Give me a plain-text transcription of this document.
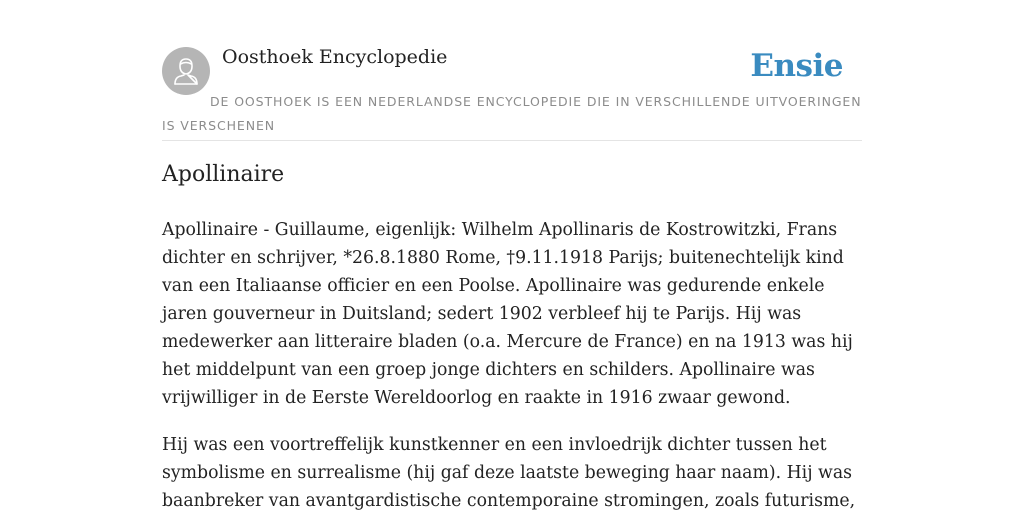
Oosthoek Encyclopedie	Ensie
DE OOSTHOEK IS EEN NEDERLANDSE ENCYCLOPEDIE DIE IN VERSCHILLENDE UITVOERINGEN IS VERSCHENEN
Apollinaire

Apollinaire - Guillaume, eigenlijk: Wilhelm Apollinaris de Kostrowitzki, Frans dichter en schrijver, *26.8.1880 Rome, †9.11.1918 Parijs; buitenechtelijk kind van een Italiaanse officier en een Poolse. Apollinaire was gedurende enkele jaren gouverneur in Duitsland; sedert 1902 verbleef hij te Parijs. Hij was medewerker aan litteraire bladen (o.a. Mercure de France) en na 1913 was hij het middelpunt van een groep jonge dichters en schilders. Apollinaire was vrijwilliger in de Eerste Wereldoorlog en raakte in 1916 zwaar gewond.

Hij was een voortreffelijk kunstkenner en een invloedrijk dichter tussen het symbolisme en surrealisme (hij gaf deze laatste beweging haar naam). Hij was baanbreker van avantgardistische contemporaine stromingen, zoals futurisme,
